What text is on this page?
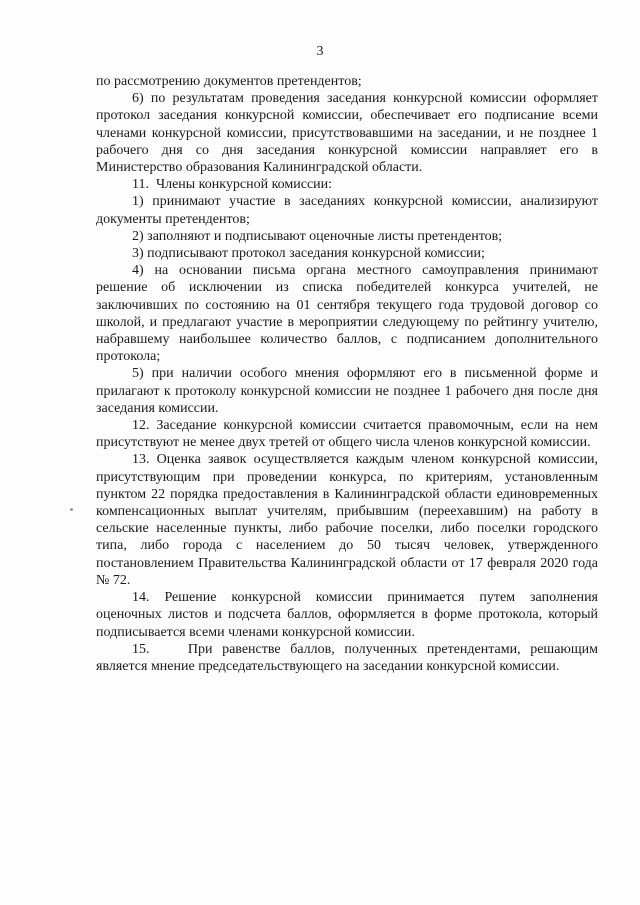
3

по рассмотрению документов претендентов;

6) по результатам проведения заседания конкурсной комиссии оформляет протокол заседания конкурсной комиссии, обеспечивает его подписание всеми членами конкурсной комиссии, присутствовавшими на заседании, и не позднее 1 рабочего дня со дня заседания конкурсной комиссии направляет его в Министерство образования Калининградской области.

11.  Члены конкурсной комиссии:

1) принимают участие в заседаниях конкурсной комиссии, анализируют документы претендентов;

2) заполняют и подписывают оценочные листы претендентов;

3) подписывают протокол заседания конкурсной комиссии;

4) на основании письма органа местного самоуправления принимают решение об исключении из списка победителей конкурса учителей, не заключивших по состоянию на 01 сентября текущего года трудовой договор со школой, и предлагают участие в мероприятии следующему по рейтингу учителю, набравшему наибольшее количество баллов, с подписанием дополнительного протокола;

5) при наличии особого мнения оформляют его в письменной форме и прилагают к протоколу конкурсной комиссии не позднее 1 рабочего дня после дня заседания комиссии.

12. Заседание конкурсной комиссии считается правомочным, если на нем присутствуют не менее двух третей от общего числа членов конкурсной комиссии.

13. Оценка заявок осуществляется каждым членом конкурсной комиссии, присутствующим при проведении конкурса, по критериям, установленным пунктом 22 порядка предоставления в Калининградской области единовременных компенсационных выплат учителям, прибывшим (переехавшим) на работу в сельские населенные пункты, либо рабочие поселки, либо поселки городского типа, либо города с населением до 50 тысяч человек, утвержденного постановлением Правительства Калининградской области от 17 февраля 2020 года № 72.

14. Решение конкурсной комиссии принимается путем заполнения оценочных листов и подсчета баллов, оформляется в форме протокола, который подписывается всеми членами конкурсной комиссии.

15.    При равенстве баллов, полученных претендентами, решающим является мнение председательствующего на заседании конкурсной комиссии.
